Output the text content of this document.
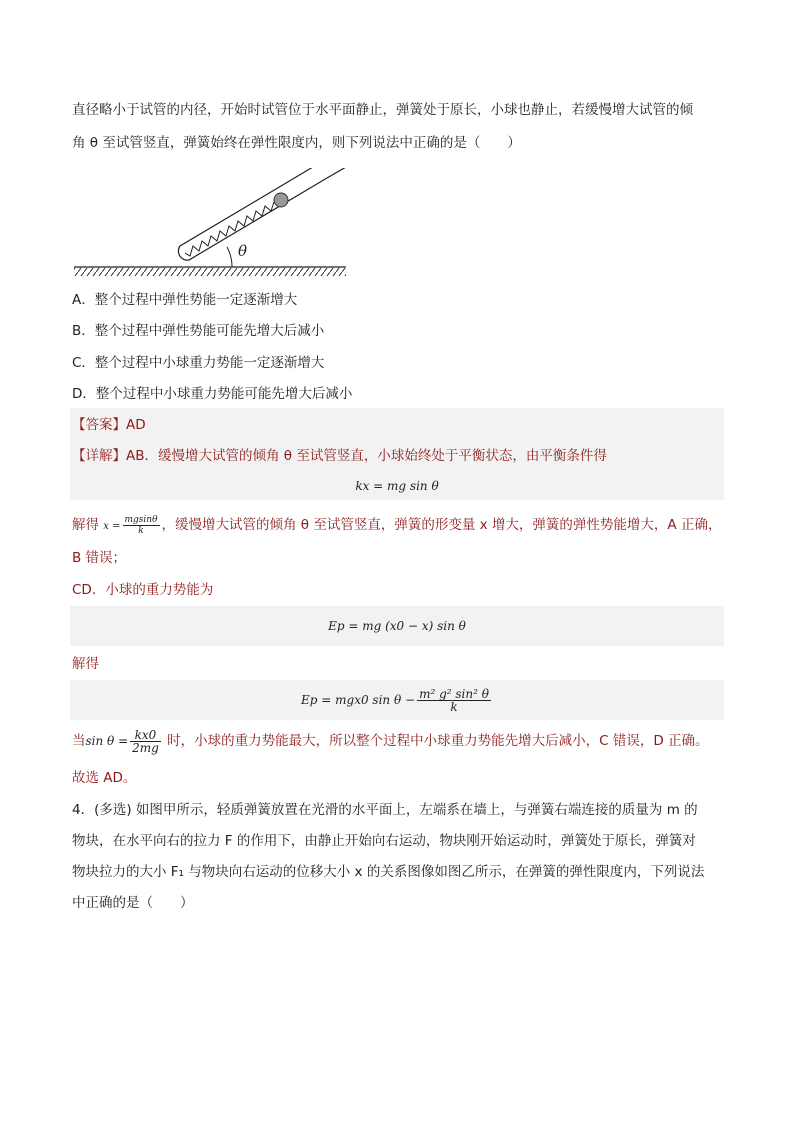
直径略小于试管的内径，开始时试管位于水平面静止，弹簧处于原长，小球也静止，若缓慢增大试管的倾
角 θ 至试管竖直，弹簧始终在弹性限度内，则下列说法中正确的是（　　）
θ
A．整个过程中弹性势能一定逐渐增大
B．整个过程中弹性势能可能先增大后减小
C．整个过程中小球重力势能一定逐渐增大
D．整个过程中小球重力势能可能先增大后减小
【答案】AD
【详解】AB．缓慢增大试管的倾角 θ 至试管竖直，小球始终处于平衡状态，由平衡条件得
kx = mg sin θ
解得 $x = \frac{mgsin\theta}{k}$ ，缓慢增大试管的倾角 θ 至试管竖直，弹簧的形变量 x 增大，弹簧的弹性势能增大，A 正确，
B 错误；
CD．小球的重力势能为
Ep = mg (x0 − x) sin θ
解得
Ep = mgx0 $\sin \theta - \frac{\text{m² g² sin² θ}}{k}$
当$\sin \theta = \frac{kx0}{2mg}$ 时，小球的重力势能最大，所以整个过程中小球重力势能先增大后减小，C 错误，D 正确。
故选 AD。
4．(多选) 如图甲所示，轻质弹簧放置在光滑的水平面上，左端系在墙上，与弹簧右端连接的质量为 m 的
物块，在水平向右的拉力 F 的作用下，由静止开始向右运动，物块刚开始运动时，弹簧处于原长，弹簧对
物块拉力的大小 F₁ 与物块向右运动的位移大小 x 的关系图像如图乙所示，在弹簧的弹性限度内，下列说法
中正确的是（　　）
